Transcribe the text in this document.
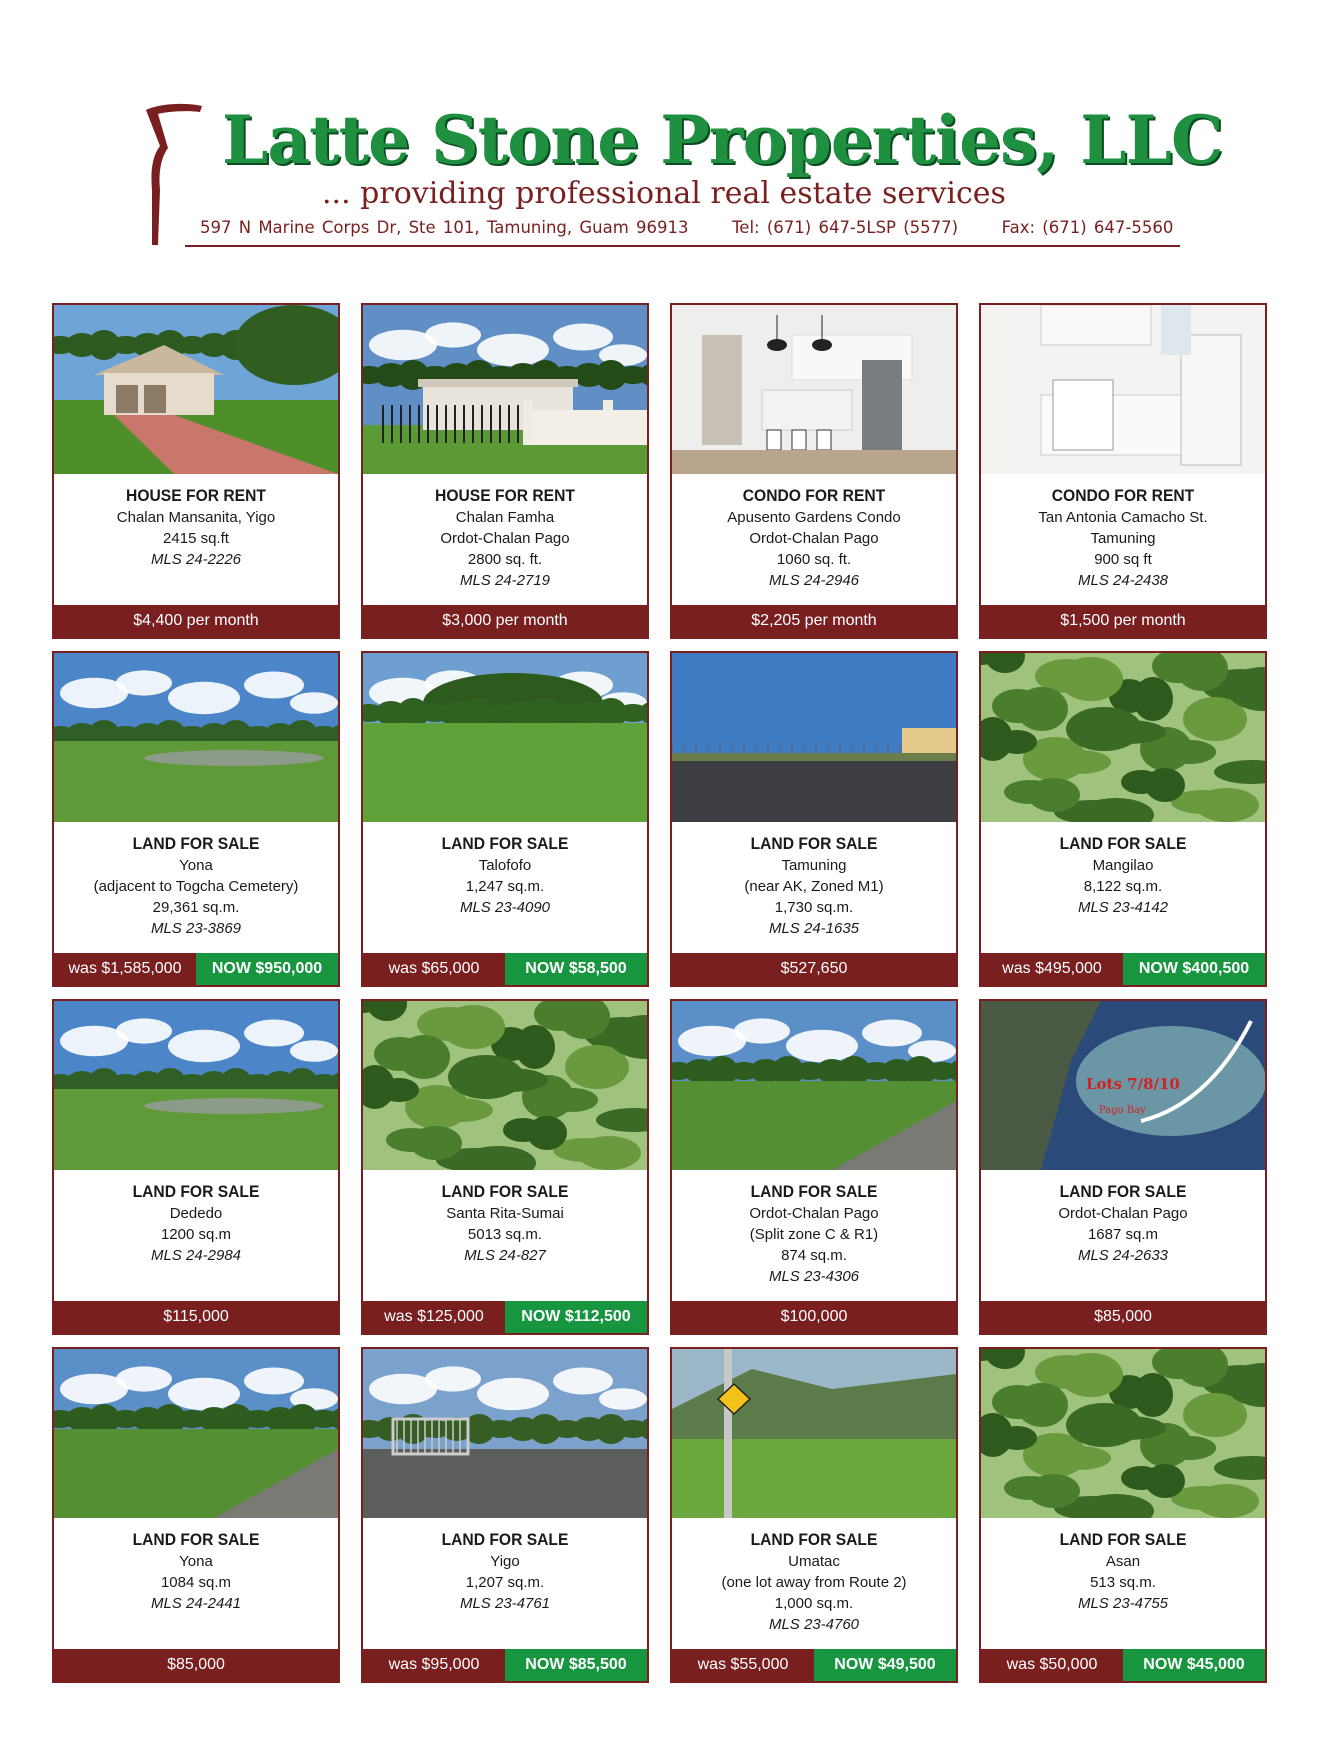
Latte Stone Properties, LLC
... providing professional real estate services
597 N Marine Corps Dr, Ste 101, Tamuning, Guam 96913	Tel: (671) 647-5LSP (5577)	Fax: (671) 647-5560
HOUSE FOR RENT
Chalan Mansanita, Yigo
2415 sq.ft
MLS 24-2226
$4,400 per month
HOUSE FOR RENT
Chalan Famha
Ordot-Chalan Pago
2800 sq. ft.
MLS 24-2719
$3,000 per month
CONDO FOR RENT
Apusento Gardens Condo
Ordot-Chalan Pago
1060 sq. ft.
MLS 24-2946
$2,205 per month
CONDO FOR RENT
Tan Antonia Camacho St.
Tamuning
900 sq ft
MLS 24-2438
$1,500 per month
LAND FOR SALE
Yona
(adjacent to Togcha Cemetery)
29,361 sq.m.
MLS 23-3869
was $1,585,000	NOW $950,000
LAND FOR SALE
Talofofo
1,247 sq.m.
MLS 23-4090
was $65,000	NOW $58,500
LAND FOR SALE
Tamuning
(near AK, Zoned M1)
1,730 sq.m.
MLS 24-1635
$527,650
LAND FOR SALE
Mangilao
8,122 sq.m.
MLS 23-4142
was $495,000	NOW $400,500
LAND FOR SALE
Dededo
1200 sq.m
MLS 24-2984
$115,000
LAND FOR SALE
Santa Rita-Sumai
5013 sq.m.
MLS 24-827
was $125,000	NOW $112,500
LAND FOR SALE
Ordot-Chalan Pago
(Split zone C & R1)
874 sq.m.
MLS 23-4306
$100,000
Lots 7/8/10
Pago Bay
LAND FOR SALE
Ordot-Chalan Pago
1687 sq.m
MLS 24-2633
$85,000
LAND FOR SALE
Yona
1084 sq.m
MLS 24-2441
$85,000
LAND FOR SALE
Yigo
1,207 sq.m.
MLS 23-4761
was $95,000	NOW $85,500
LAND FOR SALE
Umatac
(one lot away from Route 2)
1,000 sq.m.
MLS 23-4760
was $55,000	NOW $49,500
LAND FOR SALE
Asan
513 sq.m.
MLS 23-4755
was $50,000	NOW $45,000
